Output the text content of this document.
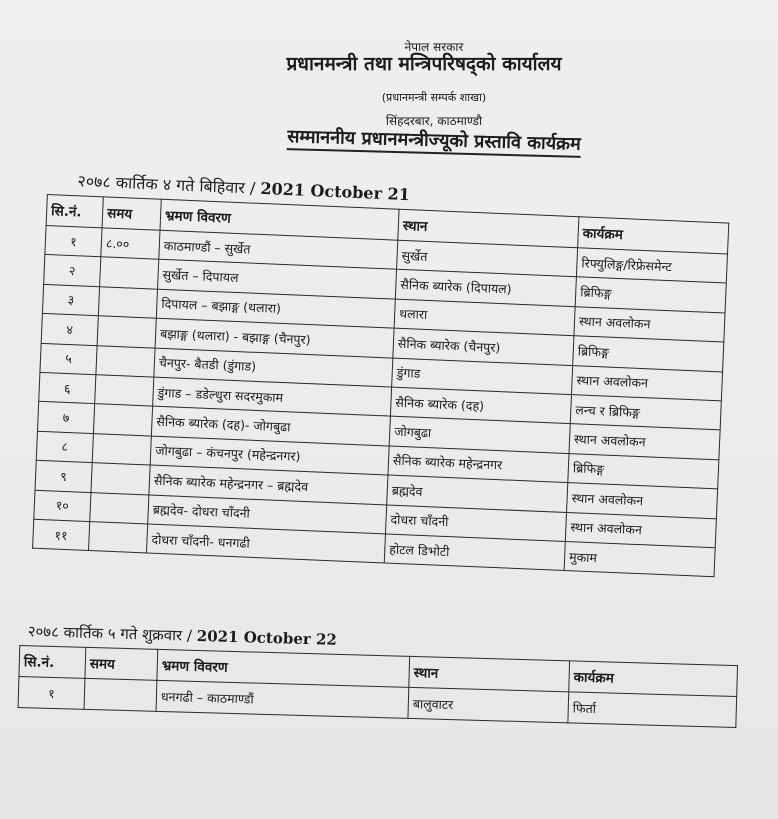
नेपाल सरकार
प्रधानमन्त्री तथा मन्त्रिपरिषद्को कार्यालय
(प्रधानमन्त्री सम्पर्क शाखा)
सिंहदरबार, काठमाण्डौ
सम्माननीय प्रधानमन्त्रीज्यूको प्रस्तावि कार्यक्रम
२०७८ कार्तिक ४ गते बिहिवार / 2021 October 21
सि.नं.	समय	भ्रमण विवरण	स्थान	कार्यक्रम
१	८.००	काठमाण्डौं – सुर्खेत	सुर्खेत	रिफ्युलिङ्ग/रिफ्रेसमेन्ट
२		सुर्खेत – दिपायल	सैनिक ब्यारेक (दिपायल)	ब्रिफिङ्ग
३		दिपायल – बझाङ्ग (थलारा)	थलारा	स्थान अवलोकन
४		बझाङ्ग (थलारा) - बझाङ्ग (चैनपुर)	सैनिक ब्यारेक (चैनपुर)	ब्रिफिङ्ग
५		चैनपुर- बैतडी (डुंगाड)	डुंगाड	स्थान अवलोकन
६		डुंगाड – डडेल्धुरा सदरमुकाम	सैनिक ब्यारेक (दह)	लन्च र ब्रिफिङ्ग
७		सैनिक ब्यारेक (दह)- जोगबुढा	जोगबुढा	स्थान अवलोकन
८		जोगबुढा – कंचनपुर (महेन्द्रनगर)	सैनिक ब्यारेक महेन्द्रनगर	ब्रिफिङ्ग
९		सैनिक ब्यारेक महेन्द्रनगर – ब्रह्मदेव	ब्रह्मदेव	स्थान अवलोकन
१०		ब्रह्मदेव- दोधरा चाँदनी	दोधरा चाँदनी	स्थान अवलोकन
११		दोधरा चाँदनी- धनगढी	होटल डिभोटी	मुकाम
२०७८ कार्तिक ५ गते शुक्रवार / 2021 October 22
सि.नं.	समय	भ्रमण विवरण	स्थान	कार्यक्रम
१		धनगढी – काठमाण्डौं	बालुवाटर	फिर्ता
